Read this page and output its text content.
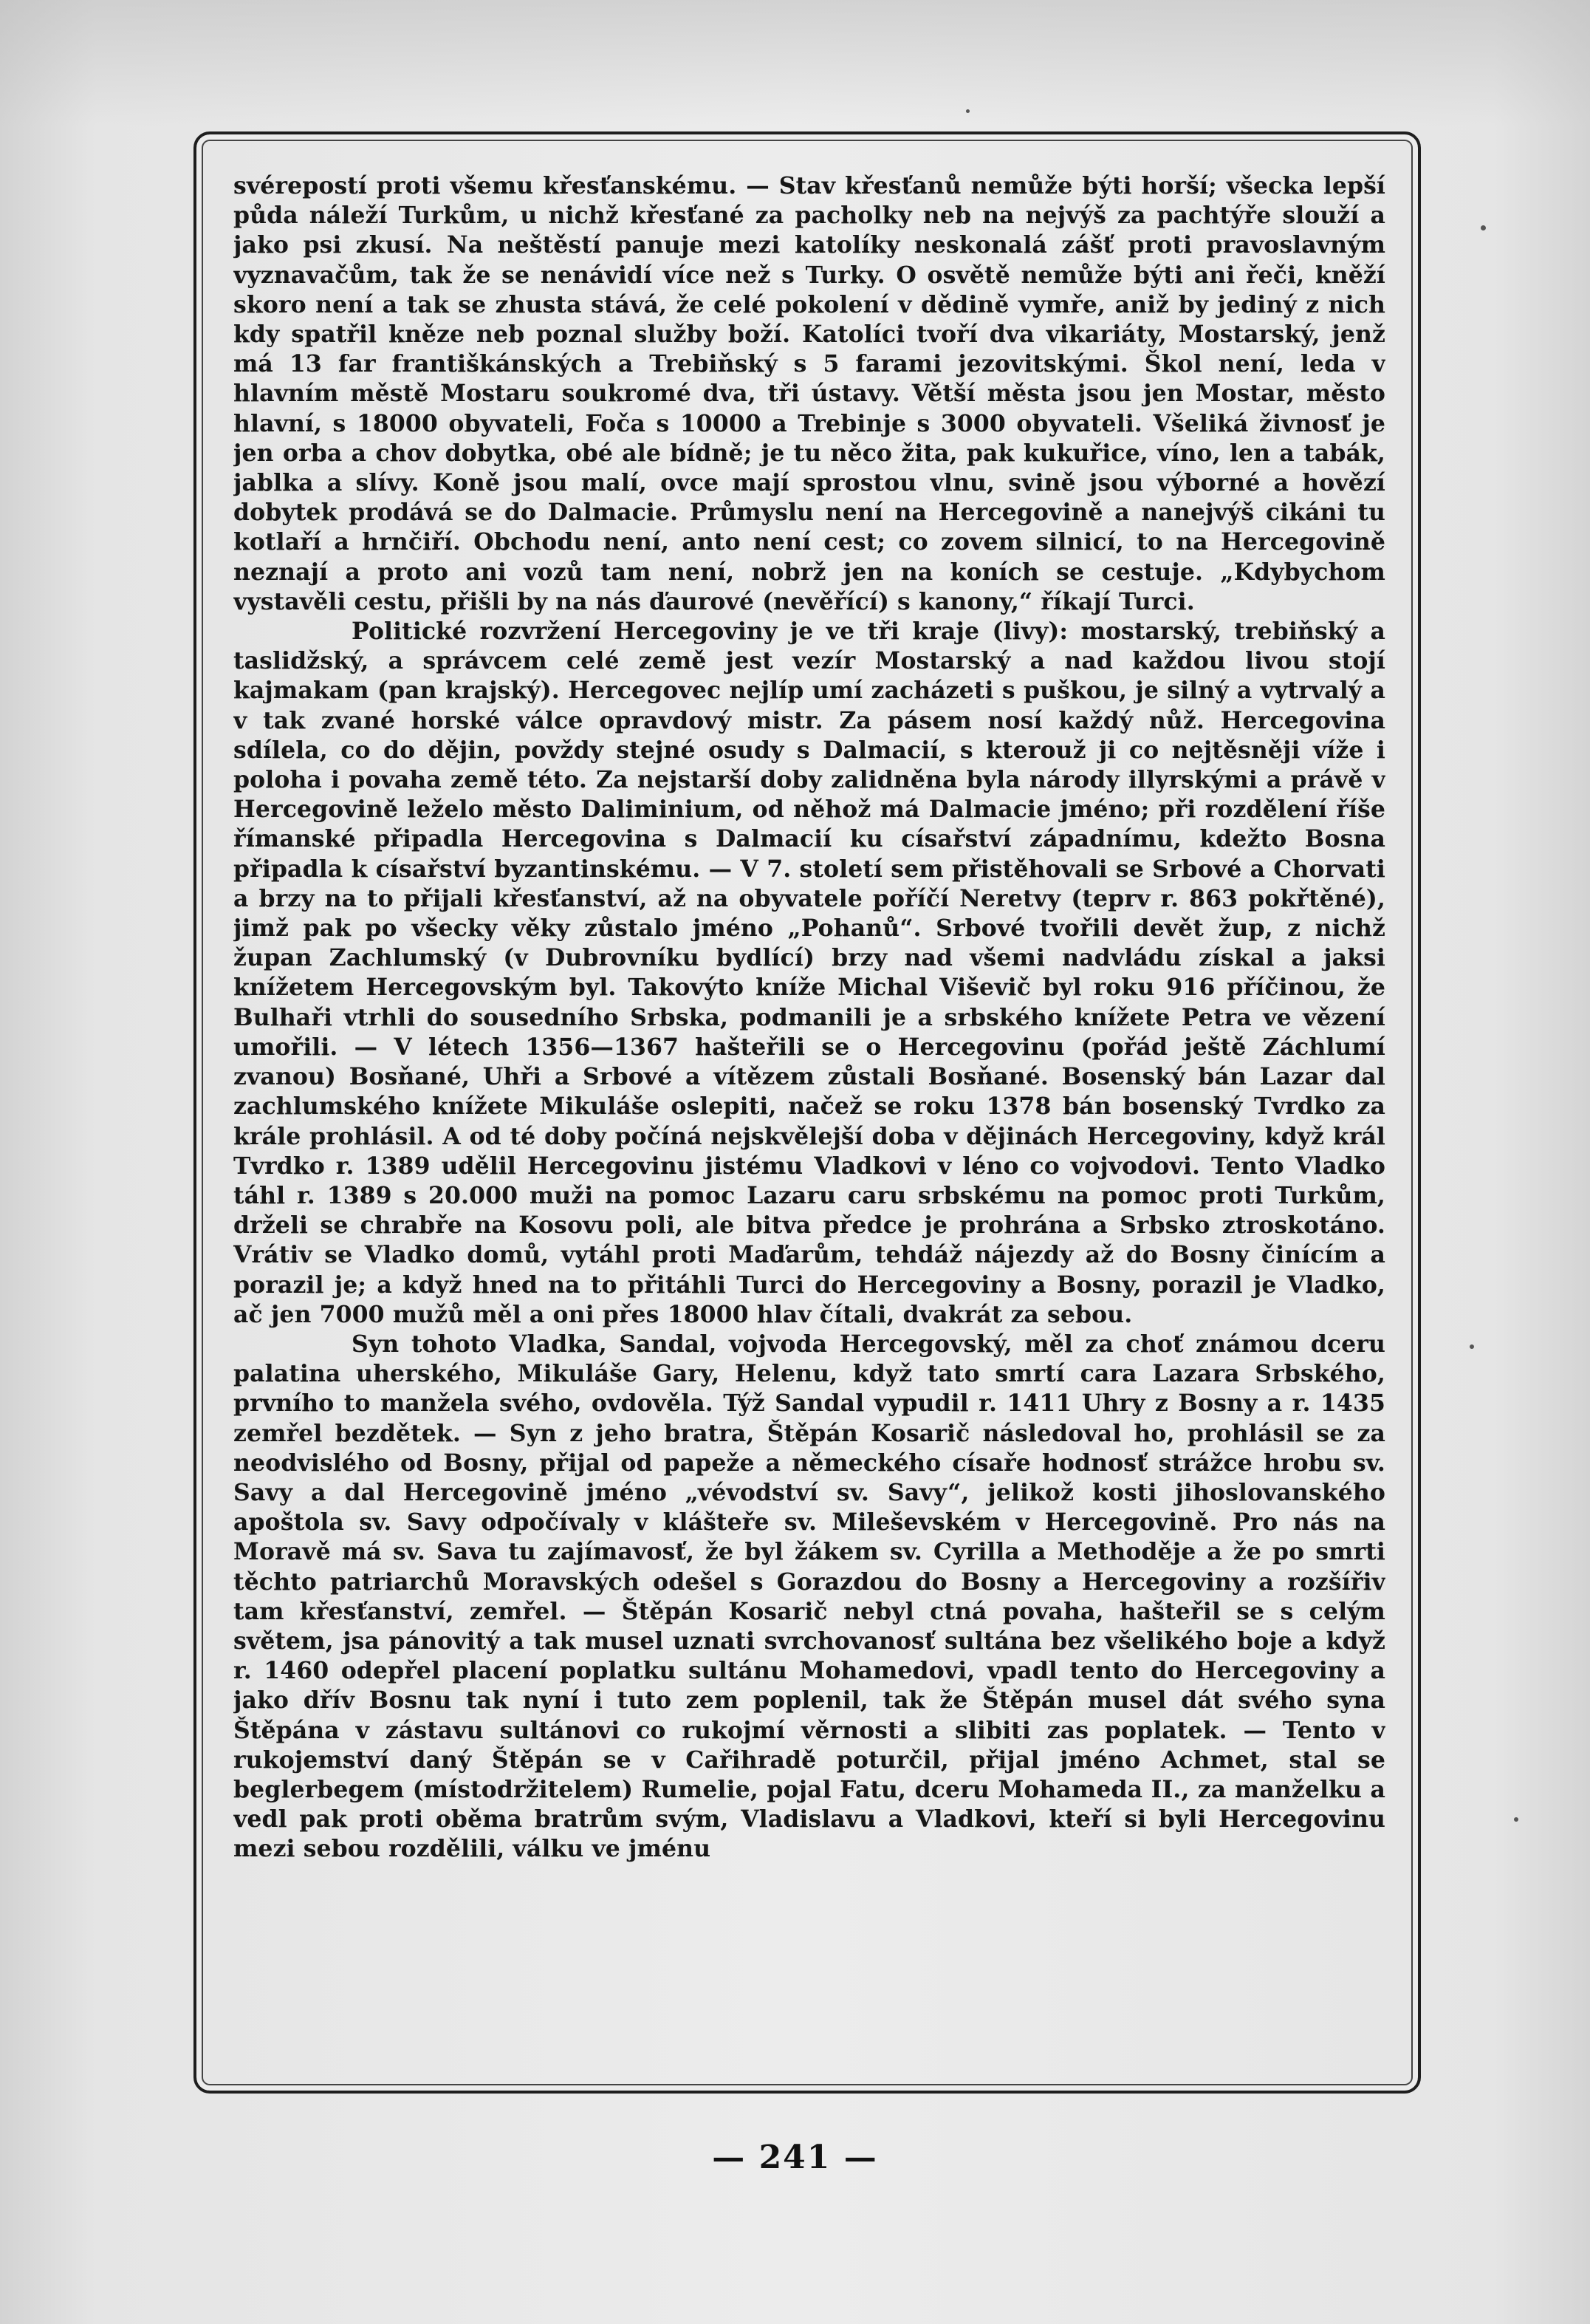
svérepostí proti všemu křesťanskému. — Stav křesťanů nemůže býti horší; všecka lepší půda náleží Turkům, u nichž křesťané za pacholky neb na nejvýš za pachtýře slouží a jako psi zkusí. Na neštěstí panuje mezi katolíky neskonalá zášť proti pravoslavným vyznavačům, tak že se nenávidí více než s Turky. O osvětě nemůže býti ani řeči, kněží skoro není a tak se zhusta stává, že celé pokolení v dědině vymře, aniž by jediný z nich kdy spatřil kněze neb poznal služby boží. Katolíci tvoří dva vikariáty, Mostarský, jenž má 13 far františkánských a Trebiňský s 5 farami jezovitskými. Škol není, leda v hlavním městě Mostaru soukromé dva, tři ústavy. Větší města jsou jen Mostar, město hlavní, s 18000 obyvateli, Foča s 10000 a Trebinje s 3000 obyvateli. Všeliká živnosť je jen orba a chov dobytka, obé ale bídně; je tu něco žita, pak kukuřice, víno, len a tabák, jablka a slívy. Koně jsou malí, ovce mají sprostou vlnu, svině jsou výborné a hovězí dobytek prodává se do Dalmacie. Průmyslu není na Hercegovině a nanejvýš cikáni tu kotlaří a hrnčiří. Obchodu není, anto není cest; co zovem silnicí, to na Hercegovině neznají a proto ani vozů tam není, nobrž jen na koních se cestuje. „Kdybychom vystavěli cestu, přišli by na nás ďaurové (nevěřící) s kanony,“ říkají Turci.

Politické rozvržení Hercegoviny je ve tři kraje (livy): mostarský, trebiňský a taslidžský, a správcem celé země jest vezír Mostarský a nad každou livou stojí kajmakam (pan krajský). Hercegovec nejlíp umí zacházeti s puškou, je silný a vytrvalý a v tak zvané horské válce opravdový mistr. Za pásem nosí každý nůž. Hercegovina sdílela, co do dějin, povždy stejné osudy s Dalmacií, s kterouž ji co nejtěsněji víže i poloha i povaha země této. Za nejstarší doby zalidněna byla národy illyrskými a právě v Hercegovině leželo město Daliminium, od něhož má Dalmacie jméno; při rozdělení říše římanské připadla Hercegovina s Dalmacií ku císařství západnímu, kdežto Bosna připadla k císařství byzantinskému. — V 7. století sem přistěhovali se Srbové a Chorvati a brzy na to přijali křesťanství, až na obyvatele poříčí Neretvy (teprv r. 863 pokřtěné), jimž pak po všecky věky zůstalo jméno „Pohanů“. Srbové tvořili devět žup, z nichž župan Zachlumský (v Dubrovníku bydlící) brzy nad všemi nadvládu získal a jaksi knížetem Hercegovským byl. Takovýto kníže Michal Viševič byl roku 916 příčinou, že Bulhaři vtrhli do sousedního Srbska, podmanili je a srbského knížete Petra ve vězení umořili. — V létech 1356—1367 hašteřili se o Hercegovinu (pořád ještě Záchlumí zvanou) Bosňané, Uhři a Srbové a vítězem zůstali Bosňané. Bosenský bán Lazar dal zachlumského knížete Mikuláše oslepiti, načež se roku 1378 bán bosenský Tvrdko za krále prohlásil. A od té doby počíná nejskvělejší doba v dějinách Hercegoviny, když král Tvrdko r. 1389 udělil Hercegovinu jistému Vladkovi v léno co vojvodovi. Tento Vladko táhl r. 1389 s 20.000 muži na pomoc Lazaru caru srbskému na pomoc proti Turkům, drželi se chrabře na Kosovu poli, ale bitva předce je prohrána a Srbsko ztroskotáno. Vrátiv se Vladko domů, vytáhl proti Maďarům, tehdáž nájezdy až do Bosny činícím a porazil je; a když hned na to přitáhli Turci do Hercegoviny a Bosny, porazil je Vladko, ač jen 7000 mužů měl a oni přes 18000 hlav čítali, dvakrát za sebou.

Syn tohoto Vladka, Sandal, vojvoda Hercegovský, měl za choť známou dceru palatina uherského, Mikuláše Gary, Helenu, když tato smrtí cara Lazara Srbského, prvního to manžela svého, ovdověla. Týž Sandal vypudil r. 1411 Uhry z Bosny a r. 1435 zemřel bezdětek. — Syn z jeho bratra, Štěpán Kosarič následoval ho, prohlásil se za neodvislého od Bosny, přijal od papeže a německého císaře hodnosť strážce hrobu sv. Savy a dal Hercegovině jméno „vévodství sv. Savy“, jelikož kosti jihoslovanského apoštola sv. Savy odpočívaly v klášteře sv. Mileševském v Hercegovině. Pro nás na Moravě má sv. Sava tu zajímavosť, že byl žákem sv. Cyrilla a Methoděje a že po smrti těchto patriarchů Moravských odešel s Gorazdou do Bosny a Hercegoviny a rozšířiv tam křesťanství, zemřel. — Štěpán Kosarič nebyl ctná povaha, hašteřil se s celým světem, jsa pánovitý a tak musel uznati svrchovanosť sultána bez všelikého boje a když r. 1460 odepřel placení poplatku sultánu Mohamedovi, vpadl tento do Hercegoviny a jako dřív Bosnu tak nyní i tuto zem poplenil, tak že Štěpán musel dát svého syna Štěpána v zástavu sultánovi co rukojmí věrnosti a slibiti zas poplatek. — Tento v rukojemství daný Štěpán se v Cařihradě poturčil, přijal jméno Achmet, stal se beglerbegem (místodržitelem) Rumelie, pojal Fatu, dceru Mohameda II., za manželku a vedl pak proti oběma bratrům svým, Vladislavu a Vladkovi, kteří si byli Hercegovinu mezi sebou rozdělili, válku ve jménu

— 241 —
